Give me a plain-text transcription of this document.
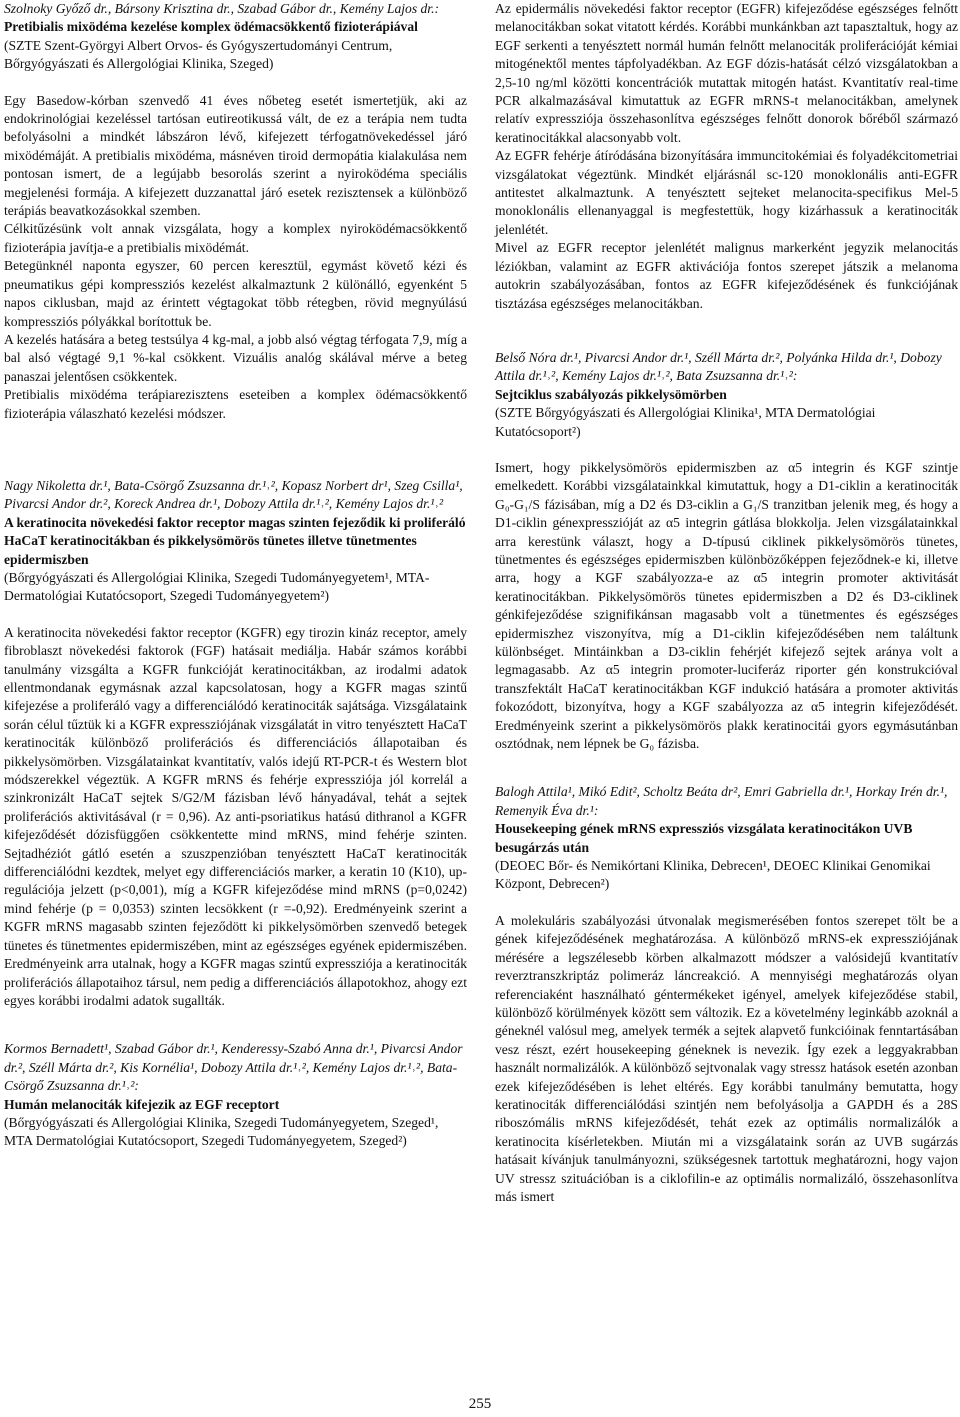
Szolnoky Győző dr., Bársony Krisztina dr., Szabad Gábor dr., Kemény Lajos dr.:

Pretibialis mixödéma kezelése komplex ödémacsökkentő fizioterápiával

(SZTE Szent-Györgyi Albert Orvos- és Gyógyszertudományi Centrum, Bőrgyógyászati és Allergológiai Klinika, Szeged)

Egy Basedow-kórban szenvedő 41 éves nőbeteg esetét ismertetjük, aki az endokrinológiai kezeléssel tartósan eutireotikussá vált, de ez a terápia nem tudta befolyásolni a mindkét lábszáron lévő, kifejezett térfogatnövekedéssel járó mixödémáját. A pretibialis mixödéma, másnéven tiroid dermopátia kialakulása nem pontosan ismert, de a legújabb besorolás szerint a nyiroködéma speciális megjelenési formája. A kifejezett duzzanattal járó esetek rezisztensek a különböző terápiás beavatkozásokkal szemben.

Célkitűzésünk volt annak vizsgálata, hogy a komplex nyiroködémacsökkentő fizioterápia javítja-e a pretibialis mixödémát.

Betegünknél naponta egyszer, 60 percen keresztül, egymást követő kézi és pneumatikus gépi kompressziós kezelést alkalmaztunk 2 különálló, egyenként 5 napos ciklusban, majd az érintett végtagokat több rétegben, rövid megnyúlású kompressziós pólyákkal borítottuk be.

A kezelés hatására a beteg testsúlya 4 kg-mal, a jobb alsó végtag térfogata 7,9, míg a bal alsó végtagé 9,1 %-kal csökkent. Vizuális analóg skálával mérve a beteg panaszai jelentősen csökkentek.

Pretibialis mixödéma terápiarezisztens eseteiben a komplex ödémacsökkentő fizioterápia válaszható kezelési módszer.

Nagy Nikoletta dr.¹, Bata-Csörgő Zsuzsanna dr.¹˒², Kopasz Norbert dr¹, Szeg Csilla¹, Pivarcsi Andor dr.², Koreck Andrea dr.¹, Dobozy Attila dr.¹˒², Kemény Lajos dr.¹˒²

A keratinocita növekedési faktor receptor magas szinten fejeződik ki proliferáló HaCaT keratinocitákban és pikkelysömörös tünetes illetve tünetmentes epidermiszben

(Bőrgyógyászati és Allergológiai Klinika, Szegedi Tudományegyetem¹, MTA- Dermatológiai Kutatócsoport, Szegedi Tudományegyetem²)

A keratinocita növekedési faktor receptor (KGFR) egy tirozin kináz receptor, amely fibroblaszt növekedési faktorok (FGF) hatásait mediálja. Habár számos korábbi tanulmány vizsgálta a KGFR funkcióját keratinocitákban, az irodalmi adatok ellentmondanak egymásnak azzal kapcsolatosan, hogy a KGFR magas szintű kifejezése a proliferáló vagy a differenciálódó keratinociták sajátsága. Vizsgálataink során célul tűztük ki a KGFR expressziójának vizsgálatát in vitro tenyésztett HaCaT keratinociták különböző proliferációs és differenciációs állapotaiban és pikkelysömörben. Vizsgálatainkat kvantitatív, valós idejű RT-PCR-t és Western blot módszerekkel végeztük. A KGFR mRNS és fehérje expressziója jól korrelál a szinkronizált HaCaT sejtek S/G2/M fázisban lévő hányadával, tehát a sejtek proliferációs aktivitásával (r = 0,96). Az anti-psoriatikus hatású dithranol a KGFR kifejeződését dózisfüggően csökkentette mind mRNS, mind fehérje szinten. Sejtadhéziót gátló esetén a szuszpenzióban tenyésztett HaCaT keratinociták differenciálódni kezdtek, melyet egy differenciációs marker, a keratin 10 (K10), up-regulációja jelzett (p<0,001), míg a KGFR kifejeződése mind mRNS (p=0,0242) mind fehérje (p = 0,0353) szinten lecsökkent (r =-0,92). Eredményeink szerint a KGFR mRNS magasabb szinten fejeződött ki pikkelysömörben szenvedő betegek tünetes és tünetmentes epidermiszében, mint az egészséges egyének epidermiszében. Eredményeink arra utalnak, hogy a KGFR magas szintű expressziója a keratinociták proliferációs állapotaihoz társul, nem pedig a differenciációs állapotokhoz, ahogy ezt egyes korábbi irodalmi adatok sugallták.

Kormos Bernadett¹, Szabad Gábor dr.¹, Kenderessy-Szabó Anna dr.¹, Pivarcsi Andor dr.², Széll Márta dr.², Kis Kornélia¹, Dobozy Attila dr.¹˒², Kemény Lajos dr.¹˒², Bata-Csörgő Zsuzsanna dr.¹˒²:

Humán melanociták kifejezik az EGF receptort

(Bőrgyógyászati és Allergológiai Klinika, Szegedi Tudományegyetem, Szeged¹, MTA Dermatológiai Kutatócsoport, Szegedi Tudományegyetem, Szeged²)

Az epidermális növekedési faktor receptor (EGFR) kifejeződése egészséges felnőtt melanocitákban sokat vitatott kérdés. Korábbi munkánkban azt tapasztaltuk, hogy az EGF serkenti a tenyésztett normál humán felnőtt melanociták proliferációját kémiai mitogénektől mentes tápfolyadékban. Az EGF dózis-hatását célzó vizsgálatokban a 2,5-10 ng/ml közötti koncentrációk mutattak mitogén hatást. Kvantitatív real-time PCR alkalmazásával kimutattuk az EGFR mRNS-t melanocitákban, amelynek relatív expressziója összehasonlítva egészséges felnőtt donorok bőréből származó keratinocitákkal alacsonyabb volt.

Az EGFR fehérje átíródásána bizonyítására immuncitokémiai és folyadékcitometriai vizsgálatokat végeztünk. Mindkét eljárásnál sc-120 monoklonális anti-EGFR antitestet alkalmaztunk. A tenyésztett sejteket melanocita-specifikus Mel-5 monoklonális ellenanyaggal is megfestettük, hogy kizárhassuk a keratinociták jelenlétét.

Mivel az EGFR receptor jelenlétét malignus markerként jegyzik melanocitás léziókban, valamint az EGFR aktivációja fontos szerepet játszik a melanoma autokrin szabályozásában, fontos az EGFR kifejeződésének és funkciójának tisztázása egészséges melanocitákban.

Belső Nóra dr.¹, Pivarcsi Andor dr.¹, Széll Márta dr.², Polyánka Hilda dr.¹, Dobozy Attila dr.¹˒², Kemény Lajos dr.¹˒², Bata Zsuzsanna dr.¹˒²:

Sejtciklus szabályozás pikkelysömörben

(SZTE Bőrgyógyászati és Allergológiai Klinika¹, MTA Dermatológiai Kutatócsoport²)

Ismert, hogy pikkelysömörös epidermiszben az α5 integrin és KGF szintje emelkedett. Korábbi vizsgálatainkkal kimutattuk, hogy a D1-ciklin a keratinociták G₀-G₁/S fázisában, míg a D2 és D3-ciklin a G₁/S tranzitban jelenik meg, és hogy a D1-ciklin génexpresszióját az α5 integrin gátlása blokkolja. Jelen vizsgálatainkkal arra kerestünk választ, hogy a D-típusú ciklinek pikkelysömörös tünetes, tünetmentes és egészséges epidermiszben különbözőképpen fejeződnek-e ki, illetve arra, hogy a KGF szabályozza-e az α5 integrin promoter aktivitását keratinocitákban. Pikkelysömörös tünetes epidermiszben a D2 és D3-ciklinek génkifejeződése szignifikánsan magasabb volt a tünetmentes és egészséges epidermiszhez viszonyítva, míg a D1-ciklin kifejeződésében nem találtunk különbséget. Mintáinkban a D3-ciklin fehérjét kifejező sejtek aránya volt a legmagasabb. Az α5 integrin promoter-luciferáz riporter gén konstrukcióval transzfektált HaCaT keratinocitákban KGF indukció hatására a promoter aktivitás fokozódott, bizonyítva, hogy a KGF szabályozza az α5 integrin kifejeződését. Eredményeink szerint a pikkelysömörös plakk keratinocitái gyors egymásutánban osztódnak, nem lépnek be G₀ fázisba.

Balogh Attila¹, Mikó Edit², Scholtz Beáta dr², Emri Gabriella dr.¹, Horkay Irén dr.¹, Remenyik Éva dr.¹:

Housekeeping gének mRNS expressziós vizsgálata keratinocitákon UVB besugárzás után

(DEOEC Bőr- és Nemikórtani Klinika, Debrecen¹, DEOEC Klinikai Genomikai Központ, Debrecen²)

A molekuláris szabályozási útvonalak megismerésében fontos szerepet tölt be a gének kifejeződésének meghatározása. A különböző mRNS-ek expressziójának mérésére a legszélesebb körben alkalmazott módszer a valósidejű kvantitatív reverztranszkriptáz polimeráz láncreakció. A mennyiségi meghatározás olyan referenciaként használható géntermékeket igényel, amelyek kifejeződése stabil, különböző körülmények között sem változik. Ez a követelmény leginkább azoknál a géneknél valósul meg, amelyek termék a sejtek alapvető funkcióinak fenntartásában vesz részt, ezért housekeeping géneknek is nevezik. Így ezek a leggyakrabban használt normalizálók. A különböző sejtvonalak vagy stressz hatások esetén azonban ezek kifejeződésében is lehet eltérés. Egy korábbi tanulmány bemutatta, hogy keratinociták differenciálódási szintjén nem befolyásolja a GAPDH és a 28S riboszómális mRNS kifejeződését, tehát ezek az optimális normalizálók a keratinocita kísérletekben. Miután mi a vizsgálataink során az UVB sugárzás hatásait kívánjuk tanulmányozni, szükségesnek tartottuk meghatározni, hogy vajon UV stressz szituációban is a ciklofilin-e az optimális normalizáló, összehasonlítva más ismert

255
